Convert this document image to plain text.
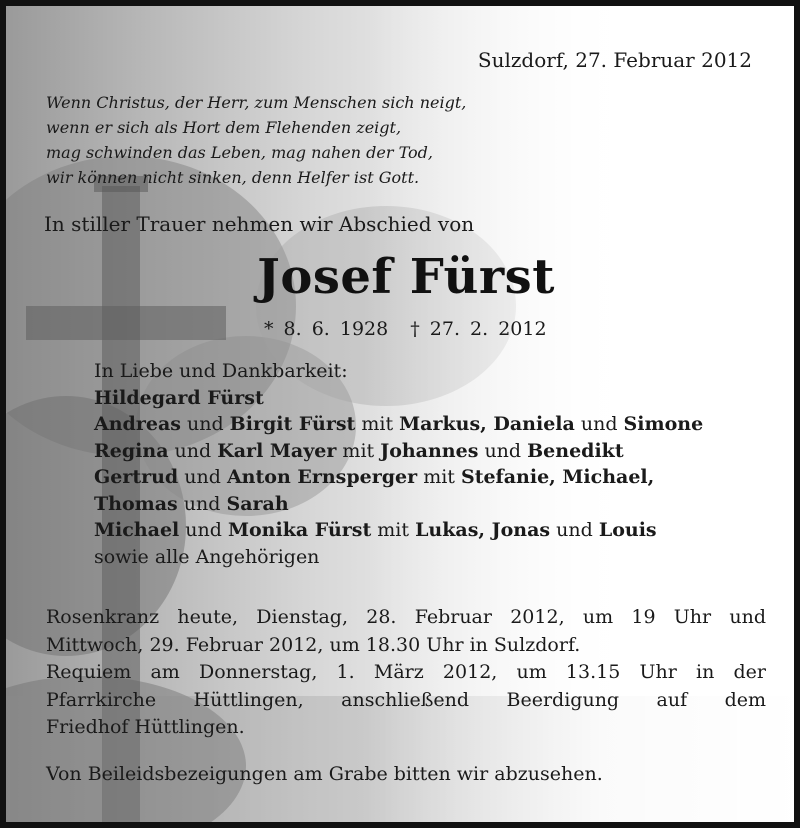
Sulzdorf, 27. Februar 2012

Wenn Christus, der Herr, zum Menschen sich neigt,
wenn er sich als Hort dem Flehenden zeigt,
mag schwinden das Leben, mag nahen der Tod,
wir können nicht sinken, denn Helfer ist Gott.

In stiller Trauer nehmen wir Abschied von

Josef Fürst

* 8. 6. 1928 † 27. 2. 2012

In Liebe und Dankbarkeit:
Hildegard Fürst
Andreas und Birgit Fürst mit Markus, Daniela und Simone
Regina und Karl Mayer mit Johannes und Benedikt
Gertrud und Anton Ernsperger mit Stefanie, Michael,
Thomas und Sarah
Michael und Monika Fürst mit Lukas, Jonas und Louis
sowie alle Angehörigen
Rosenkranz heute, Dienstag, 28. Februar 2012, um 19 Uhr und
Mittwoch, 29. Februar 2012, um 18.30 Uhr in Sulzdorf.
Requiem am Donnerstag, 1. März 2012, um 13.15 Uhr in der
Pfarrkirche Hüttlingen, anschließend Beerdigung auf dem
Friedhof Hüttlingen.

Von Beileidsbezeigungen am Grabe bitten wir abzusehen.
